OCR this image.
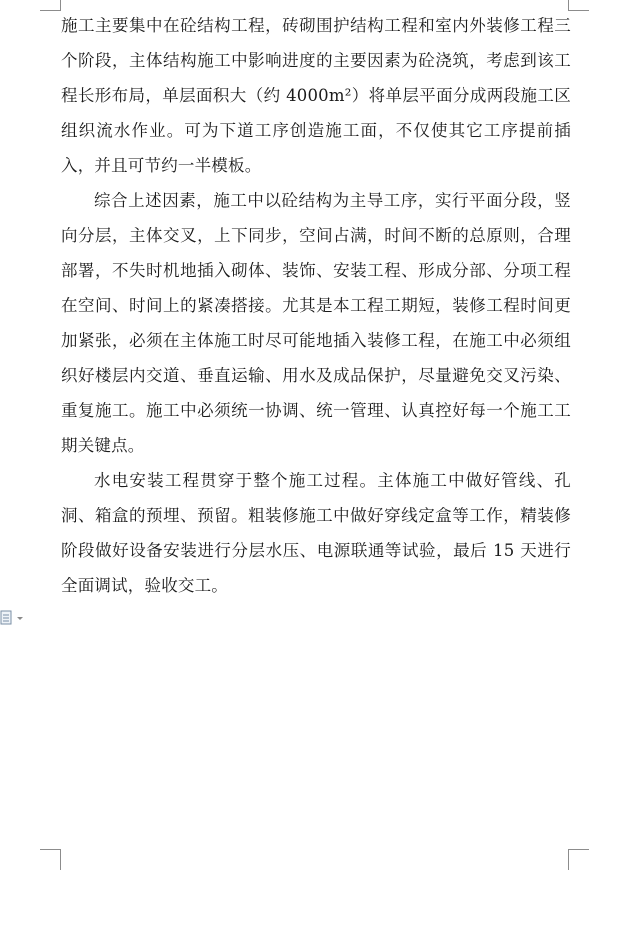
施工主要集中在砼结构工程，砖砌围护结构工程和室内外装修工程三个阶段，主体结构施工中影响进度的主要因素为砼浇筑，考虑到该工程长形布局，单层面积大（约 4000m²）将单层平面分成两段施工区组织流水作业。可为下道工序创造施工面，不仅使其它工序提前插入，并且可节约一半模板。

综合上述因素，施工中以砼结构为主导工序，实行平面分段，竖向分层，主体交叉，上下同步，空间占满，时间不断的总原则，合理部署，不失时机地插入砌体、装饰、安装工程、形成分部、分项工程在空间、时间上的紧凑搭接。尤其是本工程工期短，装修工程时间更加紧张，必须在主体施工时尽可能地插入装修工程，在施工中必须组织好楼层内交道、垂直运输、用水及成品保护，尽量避免交叉污染、重复施工。施工中必须统一协调、统一管理、认真控好每一个施工工期关键点。

水电安装工程贯穿于整个施工过程。主体施工中做好管线、孔洞、箱盒的预埋、预留。粗装修施工中做好穿线定盒等工作，精装修阶段做好设备安装进行分层水压、电源联通等试验，最后 15 天进行全面调试，验收交工。
